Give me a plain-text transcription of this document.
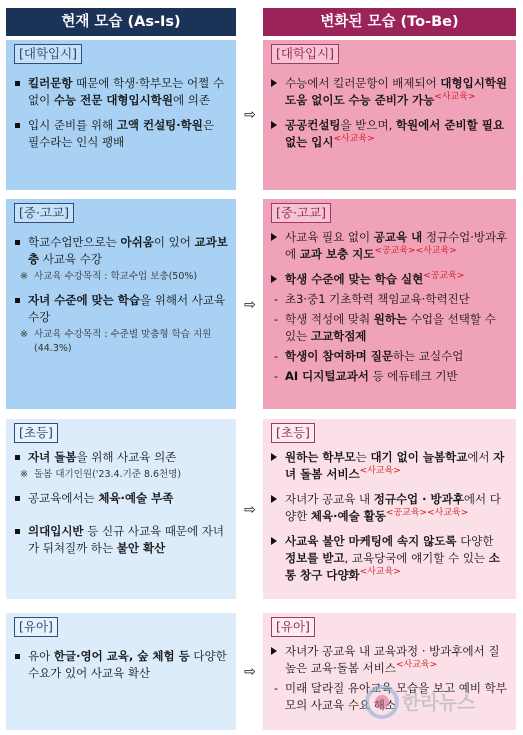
현재 모습 (As-Is)	변화된 모습 (To-Be)
[대학입시]
킬러문항 때문에 학생·학부모는 어쩔 수 없이 수능 전문 대형입시학원에 의존
입시 준비를 위해 고액 컨설팅·학원은 필수라는 인식 팽배
⇨
[대학입시]
수능에서 킬러문항이 배제되어 대형입시학원 도움 없이도 수능 준비가 가능$^{<사교육>}$
공공컨설팅을 받으며, 학원에서 준비할 필요 없는 입시$^{<사교육>}$
[중·고교]
학교수업만으로는 아쉬움이 있어 교과보충 사교육 수강
※ 사교육 수강목적 : 학교수업 보충(50%)
자녀 수준에 맞는 학습을 위해서 사교육 수강
※ 사교육 수강목적 : 수준별 맞춤형 학습 지원(44.3%)
⇨
[중·고교]
사교육 필요 없이 공교육 내 정규수업·방과후에 교과 보충 지도$^{<공교육><사교육>}$
학생 수준에 맞는 학습 실현$^{<공교육>}$
- 초3·중1 기초학력 책임교육·학력진단
- 학생 적성에 맞춰 원하는 수업을 선택할 수 있는 고교학점제
- 학생이 참여하며 질문하는 교실수업
- AI 디지털교과서 등 에듀테크 기반
[초등]
자녀 돌봄을 위해 사교육 의존
※ 돌봄 대기인원('23.4.기준 8.6천명)
공교육에서는 체육·예술 부족
의대입시반 등 신규 사교육 때문에 자녀가 뒤쳐질까 하는 불안 확산
⇨
[초등]
원하는 학부모는 대기 없이 늘봄학교에서 자녀 돌봄 서비스$^{<사교육>}$
자녀가 공교육 내 정규수업 · 방과후에서 다양한 체육·예술 활동$^{<공교육><사교육>}$
사교육 불안 마케팅에 속지 않도록 다양한 정보를 받고, 교육당국에 얘기할 수 있는 소통 창구 다양화$^{<사교육>}$
[유아]
유아 한글·영어 교육, 숲 체험 등 다양한 수요가 있어 사교육 확산	⇨
[유아]
자녀가 공교육 내 교육과정 · 방과후에서 질 높은 교육·돌봄 서비스$^{<사교육>}$
- 미래 달라질 유아교육 모습을 보고 예비 학부모의 사교육 수요 해소 한라뉴스
